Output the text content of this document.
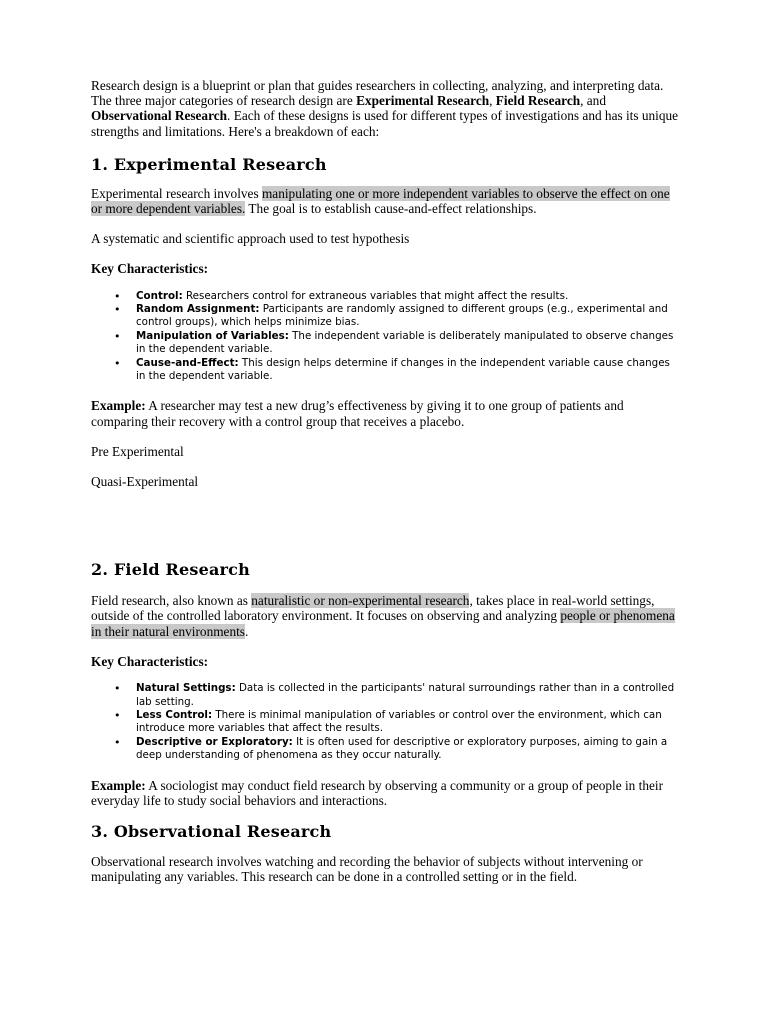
Research design is a blueprint or plan that guides researchers in collecting, analyzing, and interpreting data. The three major categories of research design are Experimental Research, Field Research, and Observational Research. Each of these designs is used for different types of investigations and has its unique strengths and limitations. Here's a breakdown of each:

1. Experimental Research

Experimental research involves manipulating one or more independent variables to observe the effect on one or more dependent variables. The goal is to establish cause-and-effect relationships.

A systematic and scientific approach used to test hypothesis

Key Characteristics:

• Control: Researchers control for extraneous variables that might affect the results.
• Random Assignment: Participants are randomly assigned to different groups (e.g., experimental and control groups), which helps minimize bias.
• Manipulation of Variables: The independent variable is deliberately manipulated to observe changes in the dependent variable.
• Cause-and-Effect: This design helps determine if changes in the independent variable cause changes in the dependent variable.

Example: A researcher may test a new drug’s effectiveness by giving it to one group of patients and comparing their recovery with a control group that receives a placebo.

Pre Experimental

Quasi-Experimental

2. Field Research

Field research, also known as naturalistic or non-experimental research, takes place in real-world settings, outside of the controlled laboratory environment. It focuses on observing and analyzing people or phenomena in their natural environments.

Key Characteristics:

• Natural Settings: Data is collected in the participants' natural surroundings rather than in a controlled lab setting.
• Less Control: There is minimal manipulation of variables or control over the environment, which can introduce more variables that affect the results.
• Descriptive or Exploratory: It is often used for descriptive or exploratory purposes, aiming to gain a deep understanding of phenomena as they occur naturally.

Example: A sociologist may conduct field research by observing a community or a group of people in their everyday life to study social behaviors and interactions.

3. Observational Research

Observational research involves watching and recording the behavior of subjects without intervening or manipulating any variables. This research can be done in a controlled setting or in the field.
